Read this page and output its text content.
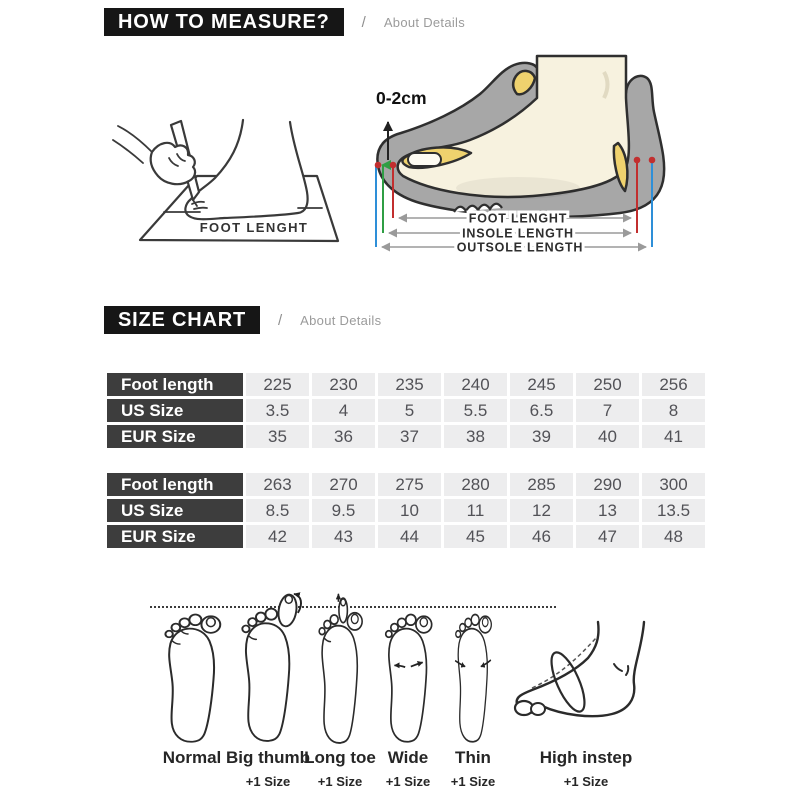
HOW TO MEASURE?	/ About Details
FOOT LENGHT
FOOT LENGHT
INSOLE LENGTH
OUTSOLE LENGTH
0-2cm
SIZE CHART	/ About Details
Foot length	225	230	235	240	245	250	256
US Size	3.5	4	5	5.5	6.5	7	8
EUR Size	35	36	37	38	39	40	41
Foot length	263	270	275	280	285	290	300
US Size	8.5	9.5	10	11	12	13	13.5
EUR Size	42	43	44	45	46	47	48
Normal Big thumb
+1 Size
Long toe
+1 Size
Wide
+1 Size
Thin
+1 Size
High instep
+1 Size
